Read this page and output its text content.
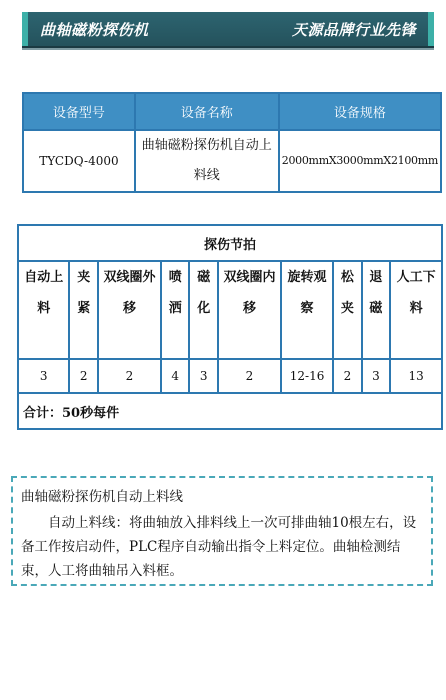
曲轴磁粉探伤机	天源品牌行业先锋
设备型号	设备名称	设备规格
TYCDQ-4000	曲轴磁粉探伤机自动上料线	2000mmX3000mmX2100mm
探伤节拍									
自动上料	夹紧	双线圈外移	喷洒	磁化	双线圈内移	旋转观察	松夹	退磁	人工下料
3	2	2	4	3	2	12-16	2	3	13
合计：50秒每件									
曲轴磁粉探伤机自动上料线
自动上料线：将曲轴放入排料线上一次可排曲轴10根左右，设备工作按启动件，PLC程序自动输出指令上料定位。曲轴检测结束，人工将曲轴吊入料框。
